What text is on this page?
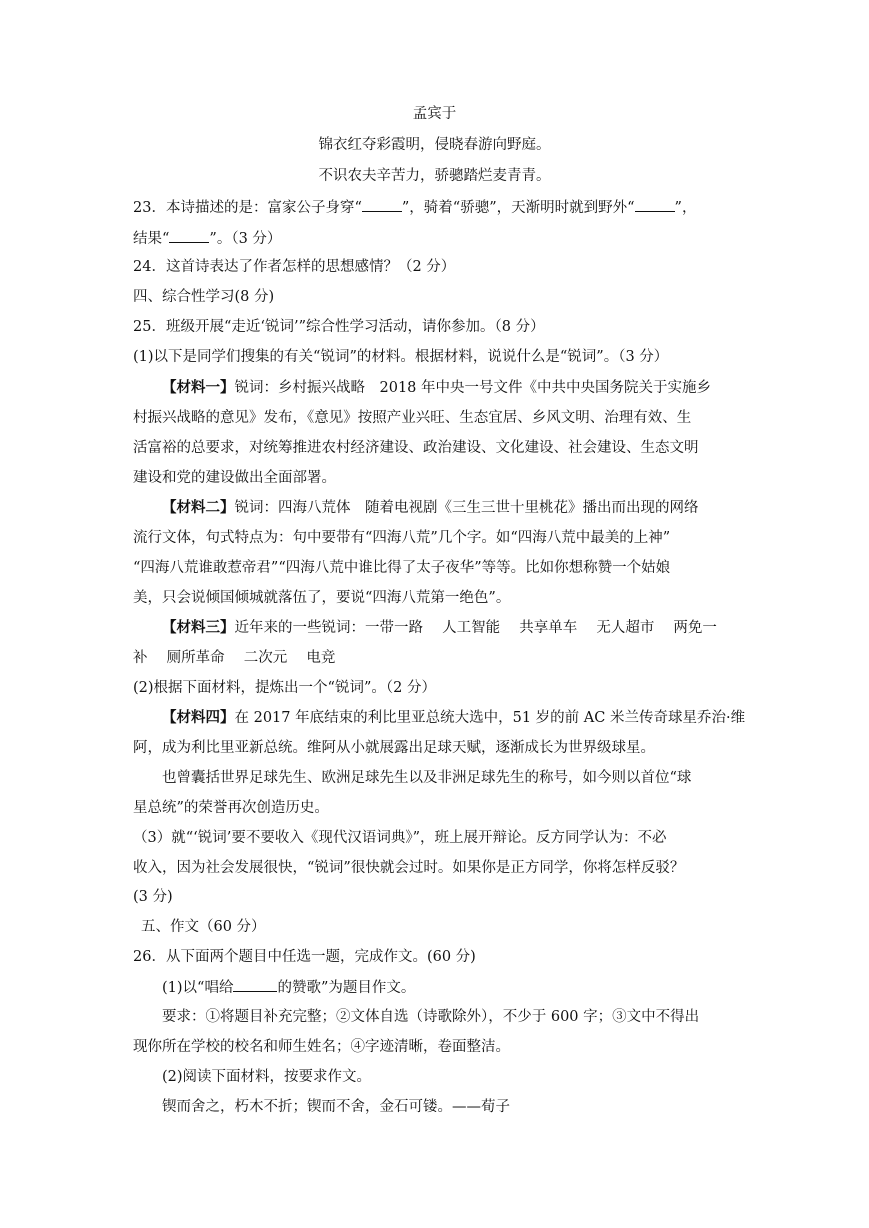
孟宾于
锦衣红夺彩霞明，侵晓春游向野庭。
不识农夫辛苦力，骄骢踏烂麦青青。
23．本诗描述的是：富家公子身穿“	”，骑着“骄骢”，天渐明时就到野外“	”，
结果“	”。（3 分）
24．这首诗表达了作者怎样的思想感情？（2 分）
四、综合性学习(8 分)
25．班级开展“走近‘锐词’”综合性学习活动，请你参加。（8 分）
(1)以下是同学们搜集的有关“锐词”的材料。根据材料，说说什么是“锐词”。（3 分）
【材料一】锐词：乡村振兴战略　2018 年中央一号文件《中共中央国务院关于实施乡
村振兴战略的意见》发布，《意见》按照产业兴旺、生态宜居、乡风文明、治理有效、生
活富裕的总要求，对统筹推进农村经济建设、政治建设、文化建设、社会建设、生态文明
建设和党的建设做出全面部署。
【材料二】锐词：四海八荒体　随着电视剧《三生三世十里桃花》播出而出现的网络
流行文体，句式特点为：句中要带有“四海八荒”几个字。如“四海八荒中最美的上神”
“四海八荒谁敢惹帝君”“四海八荒中谁比得了太子夜华”等等。比如你想称赞一个姑娘
美，只会说倾国倾城就落伍了，要说“四海八荒第一绝色”。
【材料三】近年来的一些锐词：一带一路　 人工智能　 共享单车　 无人超市　 两免一
补　 厕所革命　 二次元　 电竞
(2)根据下面材料，提炼出一个“锐词”。（2 分）
【材料四】在 2017 年底结束的利比里亚总统大选中，51 岁的前 AC 米兰传奇球星乔治·维
阿，成为利比里亚新总统。维阿从小就展露出足球天赋，逐渐成长为世界级球星。
也曾囊括世界足球先生、欧洲足球先生以及非洲足球先生的称号，如今则以首位“球
星总统”的荣誉再次创造历史。
（3）就“‘锐词’要不要收入《现代汉语词典》”，班上展开辩论。反方同学认为：不必
收入，因为社会发展很快，“锐词”很快就会过时。如果你是正方同学，你将怎样反驳？
(3 分)
五、作文（60 分）
26．从下面两个题目中任选一题，完成作文。(60 分)
(1)以“唱给	的赞歌”为题目作文。
要求：①将题目补充完整；②文体自选（诗歌除外），不少于 600 字；③文中不得出
现你所在学校的校名和师生姓名；④字迹清晰，卷面整洁。
(2)阅读下面材料，按要求作文。
锲而舍之，朽木不折；锲而不舍，金石可镂。——荀子
